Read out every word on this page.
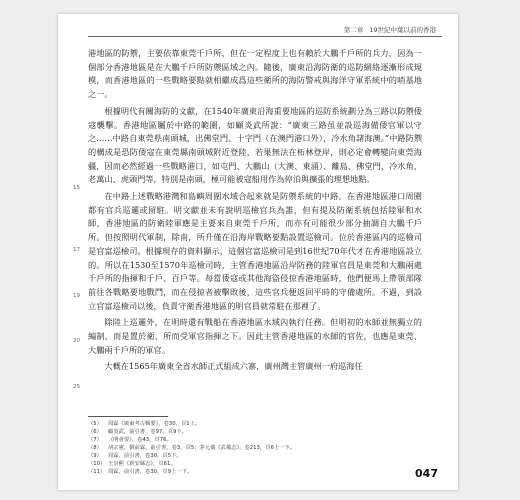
第二章 19世紀中葉以前的香港
15
17
19
20
25

港地區的防禦，主要依靠東莞千戶所，但在一定程度上也有賴於大鵬千戶所的兵力，因為一個部分香港地區是在大鵬千戶所防禦區域之內。隨後，廣東沿海防衛的巡防網絡逐漸形成規模，而香港地區的一些戰略要點就相繼成爲這些衛所的海防警戒與海洋守軍系統中的哨基地之一。

根據明代有關海防的文獻，在1540年廣東沿海重要地區的巡防系統劃分為三路以防禦倭寇襲擊。香港地區屬於中路的範圍，如顧炎武所說：“廣東三路虽並設巡海備倭官軍以守之……中路自東莞県南頭城，出佛堂門、十字門（在澳門港口外），冷水角諸海澳。”中路防禦的構成是恐防倭寇在東莞縣南頭城附近登陸，若果無法在柘林登岸，則必定會轉變向東莞海疆，因而必然經過一些戰略港口，如屯門、大鵬山（大澳、東涌）、離島、佛堂門，冷水角，老萬山、虎頭門等，特別是南頭，極可能被寇船用作為停泊與擴張的理想地點。

在中路上述戰略港灣和島嶼周圍水域合起來就是防禦系統的中路。在香港地區港口周圍都有官兵巡邏或留駐。明文獻並未有說明巡檢官兵為誰，但有提及防衛系統包括陸軍和水師，香港地區的防衛陸軍應是主要來自東莞千戶所，而亦有可能很少部分抽調自大鵬千戶所。但按照明代軍制，除南，所升僅在沿海岸戰略要點設置巡檢司。位於香港區內的巡檢司是官富巡檢司。根據現存的資料顯示，這個官富巡檢司是到16世紀70年代才在香港地區設立的。所以在1530至1570年巡檢司時，主管香港地區沿岸防務的陸軍官員是東莞和大鵬兩處千戶所的指揮和千戶、百戶等。每當倭寇或其他海盜侵掠香港地區時，他們便馬上帶領部隊前往各戰略要地戰鬥，而在侵掠者被擊敗後，這些官兵便返回平時的守備處所。不過，到設立官富巡檢司以後，負責守衛香港地區的明官員就常駐在那裡了。

除陸上巡邏外，在明時還有戰船在香港地區水域內執行任務。但明初的水師並無獨立的編制，而是置於衛、所而受軍官指揮之下。因此主管香港地區的水師的官佐，也應是東莞、大鵬兩千戶所的軍官。

大概在1565年廣東全省水師正式組成六寨，廣州灣主管廣州一府巡海任

（5）	周霖《廣東考古輯要》，卷30，頁1上。
（6）	顧炎武，前引書，卷97，頁9下。
（7）	《明會要》，卷43，頁76。
（8）	胡宗憲，劉前霖，前引書，卷3，頁5；茅元儀《武備志》，卷213，頁6上一下。
（9）	周霖，前引書，卷30，頁5下。
（10） 王崇熙《新安縣志》，頁61。
（11） 周霖，前引書，卷30，頁9上一下。	047
